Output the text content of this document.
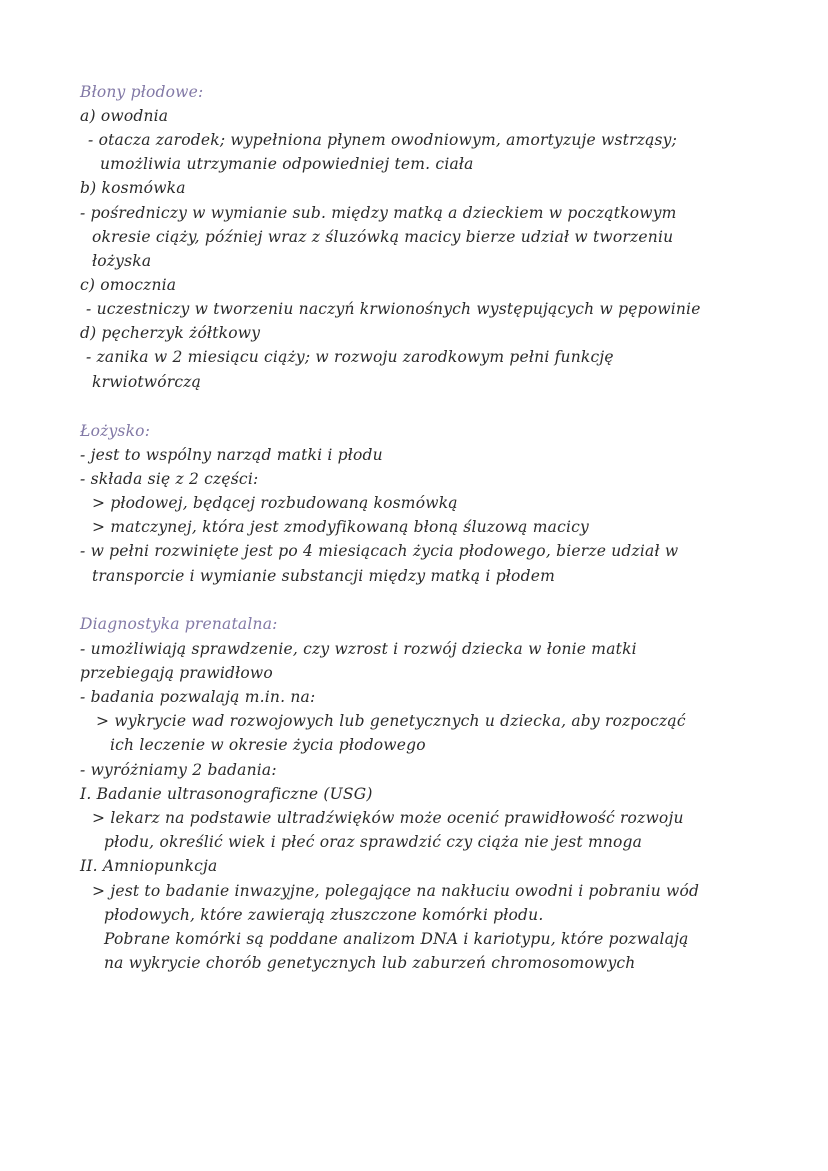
Błony płodowe:
a) owodnia
- otacza zarodek; wypełniona płynem owodniowym, amortyzuje wstrząsy;
umożliwia utrzymanie odpowiedniej tem. ciała
b) kosmówka
- pośredniczy w wymianie sub. między matką a dzieckiem w początkowym
okresie ciąży, później wraz z śluzówką macicy bierze udział w tworzeniu
łożyska
c) omocznia
- uczestniczy w tworzeniu naczyń krwionośnych występujących w pępowinie
d) pęcherzyk żółtkowy
- zanika w 2 miesiącu ciąży; w rozwoju zarodkowym pełni funkcję
krwiotwórczą
Łożysko:
- jest to wspólny narząd matki i płodu
- składa się z 2 części:
> płodowej, będącej rozbudowaną kosmówką
> matczynej, która jest zmodyfikowaną błoną śluzową macicy
- w pełni rozwinięte jest po 4 miesiącach życia płodowego, bierze udział w
transporcie i wymianie substancji między matką i płodem
Diagnostyka prenatalna:
- umożliwiają sprawdzenie, czy wzrost i rozwój dziecka w łonie matki
przebiegają prawidłowo
- badania pozwalają m.in. na:
> wykrycie wad rozwojowych lub genetycznych u dziecka, aby rozpocząć
ich leczenie w okresie życia płodowego
- wyróżniamy 2 badania:
I. Badanie ultrasonograficzne (USG)
> lekarz na podstawie ultradźwięków może ocenić prawidłowość rozwoju
płodu, określić wiek i płeć oraz sprawdzić czy ciąża nie jest mnoga
II. Amniopunkcja
> jest to badanie inwazyjne, polegające na nakłuciu owodni i pobraniu wód
płodowych, które zawierają złuszczone komórki płodu.
Pobrane komórki są poddane analizom DNA i kariotypu, które pozwalają
na wykrycie chorób genetycznych lub zaburzeń chromosomowych
